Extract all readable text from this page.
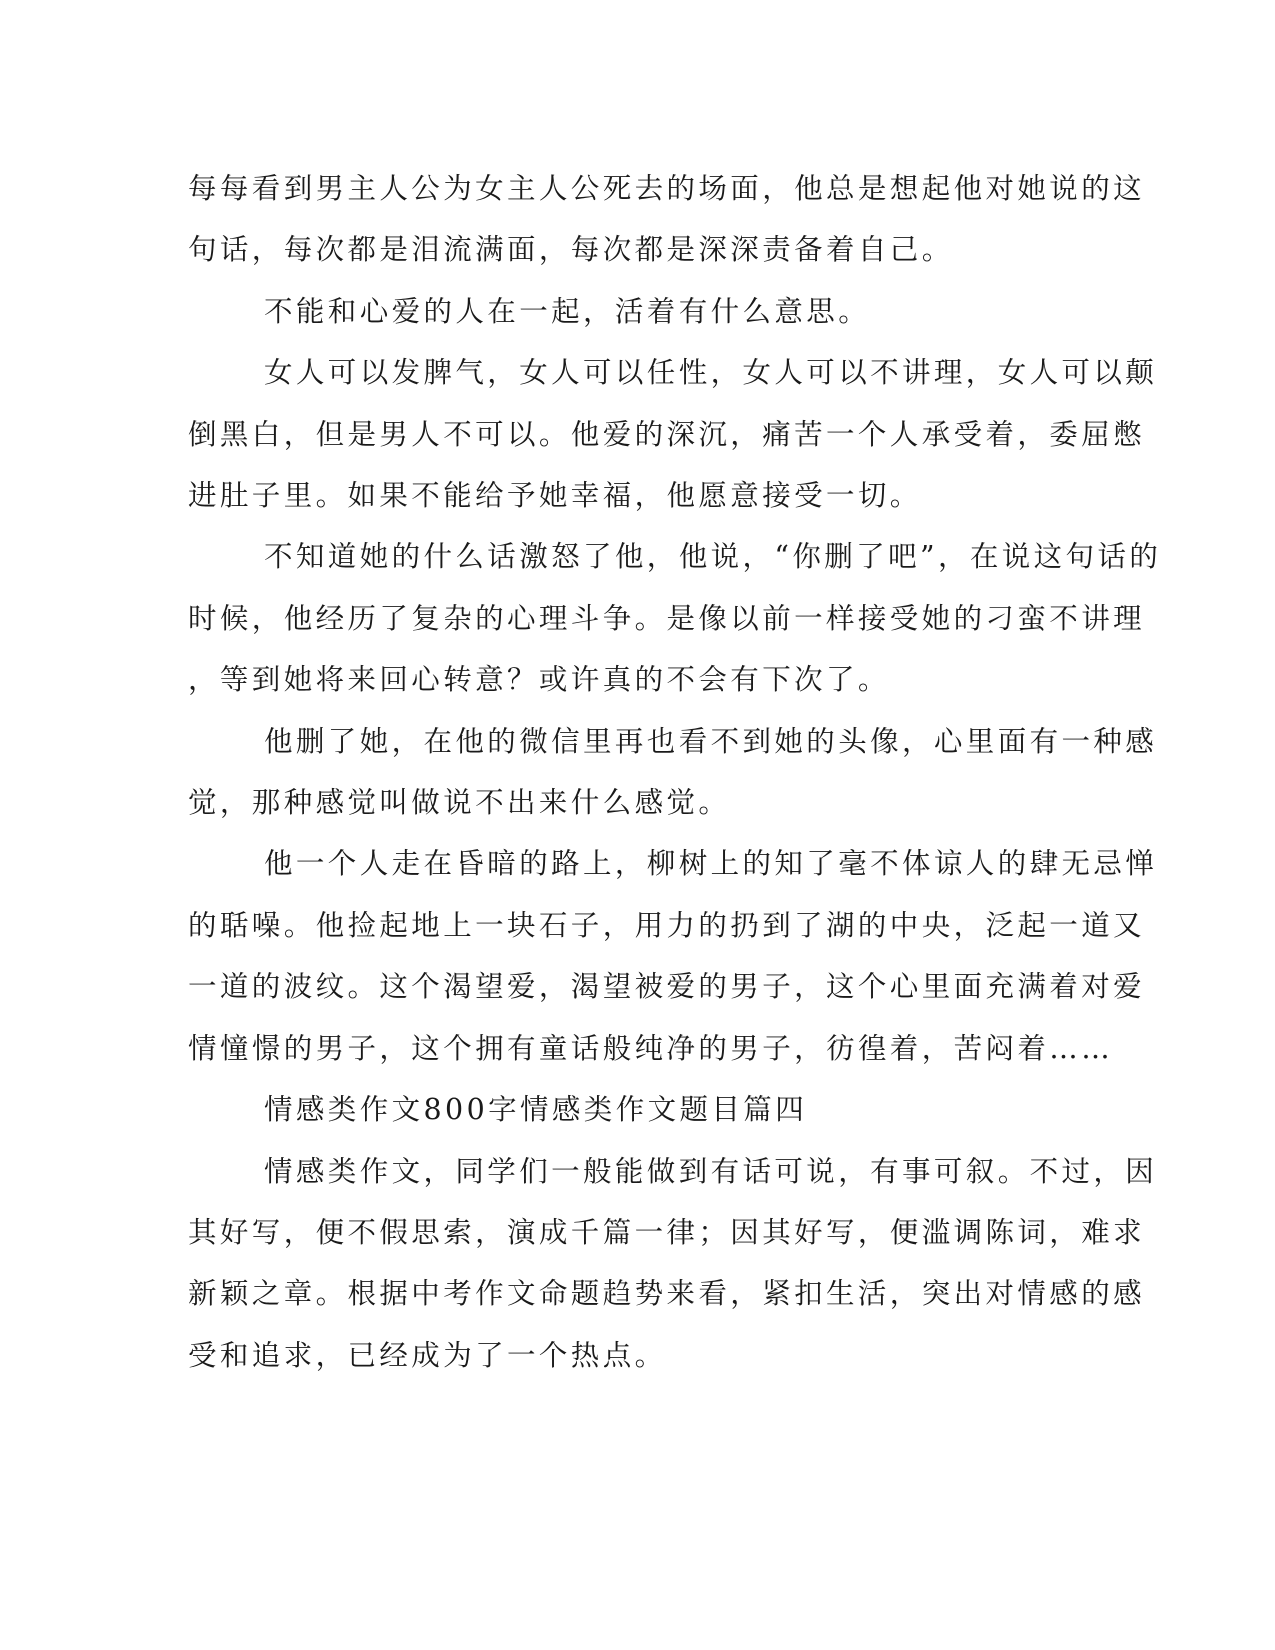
每每看到男主人公为女主人公死去的场面，他总是想起他对她说的这
句话，每次都是泪流满面，每次都是深深责备着自己。

不能和心爱的人在一起，活着有什么意思。

女人可以发脾气，女人可以任性，女人可以不讲理，女人可以颠
倒黑白，但是男人不可以。他爱的深沉，痛苦一个人承受着，委屈憋
进肚子里。如果不能给予她幸福，他愿意接受一切。

不知道她的什么话激怒了他，他说，“你删了吧”，在说这句话的
时候，他经历了复杂的心理斗争。是像以前一样接受她的刁蛮不讲理
，等到她将来回心转意？或许真的不会有下次了。

他删了她，在他的微信里再也看不到她的头像，心里面有一种感
觉，那种感觉叫做说不出来什么感觉。

他一个人走在昏暗的路上，柳树上的知了毫不体谅人的肆无忌惮
的聒噪。他捡起地上一块石子，用力的扔到了湖的中央，泛起一道又
一道的波纹。这个渴望爱，渴望被爱的男子，这个心里面充满着对爱
情憧憬的男子，这个拥有童话般纯净的男子，彷徨着，苦闷着……

情感类作文800字情感类作文题目篇四

情感类作文，同学们一般能做到有话可说，有事可叙。不过，因
其好写，便不假思索，演成千篇一律；因其好写，便滥调陈词，难求
新颖之章。根据中考作文命题趋势来看，紧扣生活，突出对情感的感
受和追求，已经成为了一个热点。
